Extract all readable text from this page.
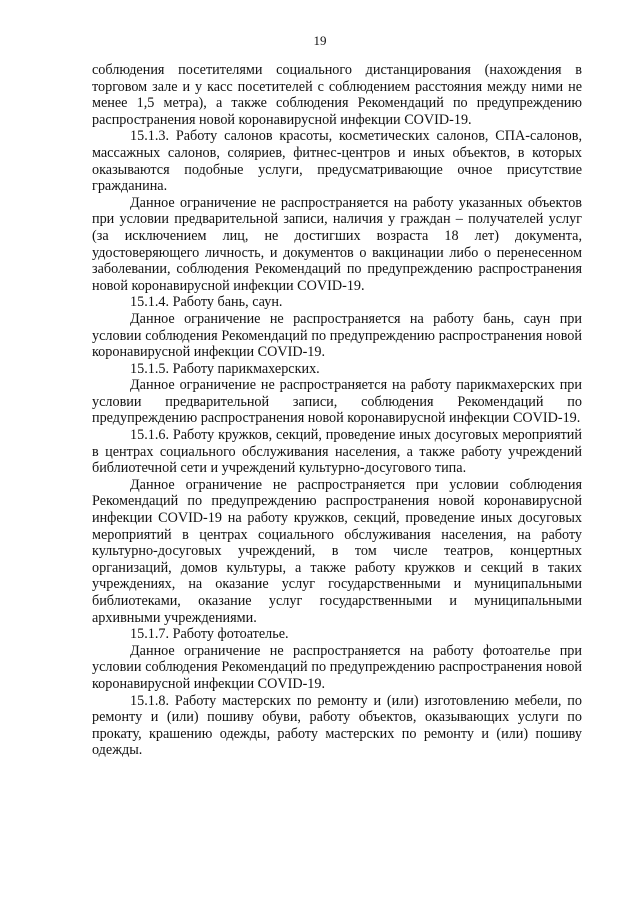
19

соблюдения посетителями социального дистанцирования (нахождения в торговом зале и у касс посетителей с соблюдением расстояния между ними не менее 1,5 метра), а также соблюдения Рекомендаций по предупреждению распространения новой коронавирусной инфекции COVID-19.

15.1.3. Работу салонов красоты, косметических салонов, СПА-салонов, массажных салонов, соляриев, фитнес-центров и иных объектов, в которых оказываются подобные услуги, предусматривающие очное присутствие гражданина.

Данное ограничение не распространяется на работу указанных объектов при условии предварительной записи, наличия у граждан – получателей услуг (за исключением лиц, не достигших возраста 18 лет) документа, удостоверяющего личность, и документов о вакцинации либо о перенесенном заболевании, соблюдения Рекомендаций по предупреждению распространения новой коронавирусной инфекции COVID-19.

15.1.4. Работу бань, саун.

Данное ограничение не распространяется на работу бань, саун при условии соблюдения Рекомендаций по предупреждению распространения новой коронавирусной инфекции COVID-19.

15.1.5. Работу парикмахерских.

Данное ограничение не распространяется на работу парикмахерских при условии предварительной записи, соблюдения Рекомендаций по предупреждению распространения новой коронавирусной инфекции COVID-19.

15.1.6. Работу кружков, секций, проведение иных досуговых мероприятий в центрах социального обслуживания населения, а также работу учреждений библиотечной сети и учреждений культурно-досугового типа.

Данное ограничение не распространяется при условии соблюдения Рекомендаций по предупреждению распространения новой коронавирусной инфекции COVID-19 на работу кружков, секций, проведение иных досуговых мероприятий в центрах социального обслуживания населения, на работу культурно-досуговых учреждений, в том числе театров, концертных организаций, домов культуры, а также работу кружков и секций в таких учреждениях, на оказание услуг государственными и муниципальными библиотеками, оказание услуг государственными и муниципальными архивными учреждениями.

15.1.7. Работу фотоателье.

Данное ограничение не распространяется на работу фотоателье при условии соблюдения Рекомендаций по предупреждению распространения новой коронавирусной инфекции COVID-19.

15.1.8. Работу мастерских по ремонту и (или) изготовлению мебели, по ремонту и (или) пошиву обуви, работу объектов, оказывающих услуги по прокату, крашению одежды, работу мастерских по ремонту и (или) пошиву одежды.
